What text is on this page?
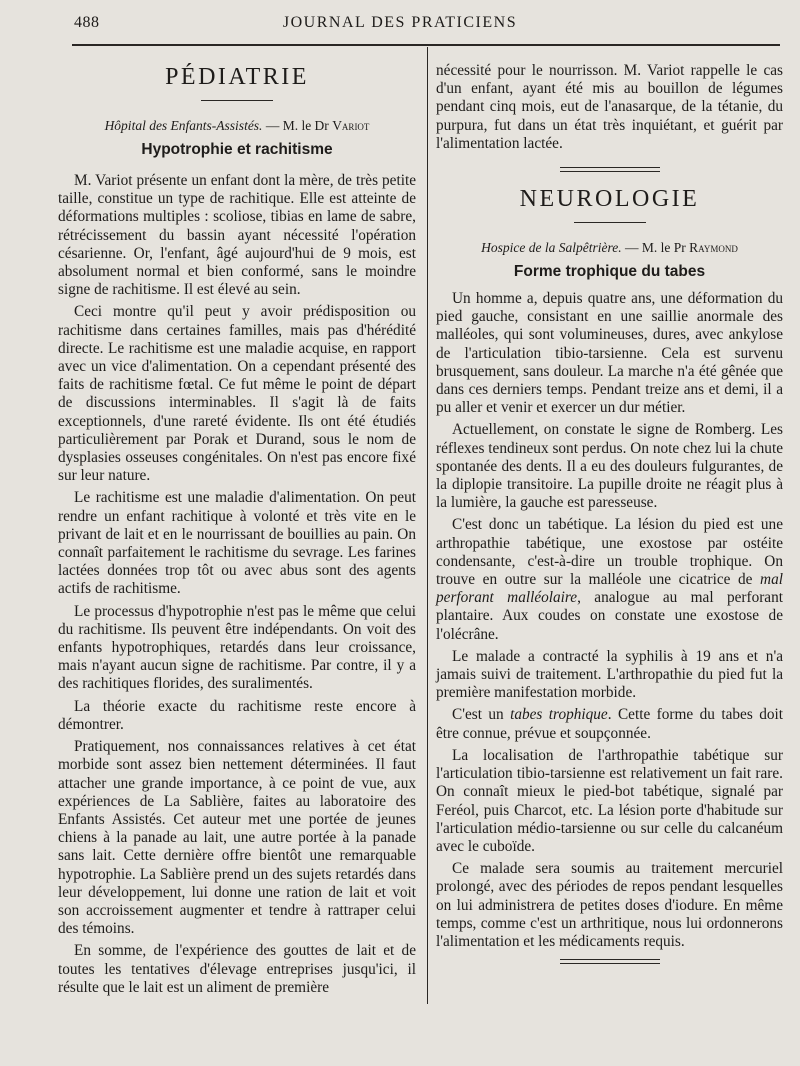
488	JOURNAL DES PRATICIENS
PÉDIATRIE
Hôpital des Enfants-Assistés. — M. le Dr Variot
Hypotrophie et rachitisme

M. Variot présente un enfant dont la mère, de très petite taille, constitue un type de rachitique. Elle est atteinte de déformations multiples : scoliose, tibias en lame de sabre, rétrécissement du bassin ayant nécessité l'opération césarienne. Or, l'enfant, âgé aujourd'hui de 9 mois, est absolument normal et bien conformé, sans le moindre signe de rachitisme. Il est élevé au sein.

Ceci montre qu'il peut y avoir prédisposition ou rachitisme dans certaines familles, mais pas d'hérédité directe. Le rachitisme est une maladie acquise, en rapport avec un vice d'alimentation. On a cependant présenté des faits de rachitisme fœtal. Ce fut même le point de départ de discussions interminables. Il s'agit là de faits exceptionnels, d'une rareté évidente. Ils ont été étudiés particulièrement par Porak et Durand, sous le nom de dysplasies osseuses congénitales. On n'est pas encore fixé sur leur nature.

Le rachitisme est une maladie d'alimentation. On peut rendre un enfant rachitique à volonté et très vite en le privant de lait et en le nourrissant de bouillies au pain. On connaît parfaitement le rachitisme du sevrage. Les farines lactées données trop tôt ou avec abus sont des agents actifs de rachitisme.

Le processus d'hypotrophie n'est pas le même que celui du rachitisme. Ils peuvent être indépendants. On voit des enfants hypotrophiques, retardés dans leur croissance, mais n'ayant aucun signe de rachitisme. Par contre, il y a des rachitiques florides, des suralimentés.

La théorie exacte du rachitisme reste encore à démontrer.

Pratiquement, nos connaissances relatives à cet état morbide sont assez bien nettement déterminées. Il faut attacher une grande importance, à ce point de vue, aux expériences de La Sablière, faites au laboratoire des Enfants Assistés. Cet auteur met une portée de jeunes chiens à la panade au lait, une autre portée à la panade sans lait. Cette dernière offre bientôt une remarquable hypotrophie. La Sablière prend un des sujets retardés dans leur développement, lui donne une ration de lait et voit son accroissement augmenter et tendre à rattraper celui des témoins.

En somme, de l'expérience des gouttes de lait et de toutes les tentatives d'élevage entreprises jusqu'ici, il résulte que le lait est un aliment de première

nécessité pour le nourrisson. M. Variot rappelle le cas d'un enfant, ayant été mis au bouillon de légumes pendant cinq mois, eut de l'anasarque, de la tétanie, du purpura, fut dans un état très inquiétant, et guérit par l'alimentation lactée.

NEUROLOGIE
Hospice de la Salpêtrière. — M. le Pr Raymond
Forme trophique du tabes

Un homme a, depuis quatre ans, une déformation du pied gauche, consistant en une saillie anormale des malléoles, qui sont volumineuses, dures, avec ankylose de l'articulation tibio-tarsienne. Cela est survenu brusquement, sans douleur. La marche n'a été gênée que dans ces derniers temps. Pendant treize ans et demi, il a pu aller et venir et exercer un dur métier.

Actuellement, on constate le signe de Romberg. Les réflexes tendineux sont perdus. On note chez lui la chute spontanée des dents. Il a eu des douleurs fulgurantes, de la diplopie transitoire. La pupille droite ne réagit plus à la lumière, la gauche est paresseuse.

C'est donc un tabétique. La lésion du pied est une arthropathie tabétique, une exostose par ostéite condensante, c'est-à-dire un trouble trophique. On trouve en outre sur la malléole une cicatrice de mal perforant malléolaire, analogue au mal perforant plantaire. Aux coudes on constate une exostose de l'olécrâne.

Le malade a contracté la syphilis à 19 ans et n'a jamais suivi de traitement. L'arthropathie du pied fut la première manifestation morbide.

C'est un tabes trophique. Cette forme du tabes doit être connue, prévue et soupçonnée.

La localisation de l'arthropathie tabétique sur l'articulation tibio-tarsienne est relativement un fait rare. On connaît mieux le pied-bot tabétique, signalé par Feréol, puis Charcot, etc. La lésion porte d'habitude sur l'articulation médio-tarsienne ou sur celle du calcanéum avec le cuboïde.

Ce malade sera soumis au traitement mercuriel prolongé, avec des périodes de repos pendant lesquelles on lui administrera de petites doses d'iodure. En même temps, comme c'est un arthritique, nous lui ordonnerons l'alimentation et les médicaments requis.
